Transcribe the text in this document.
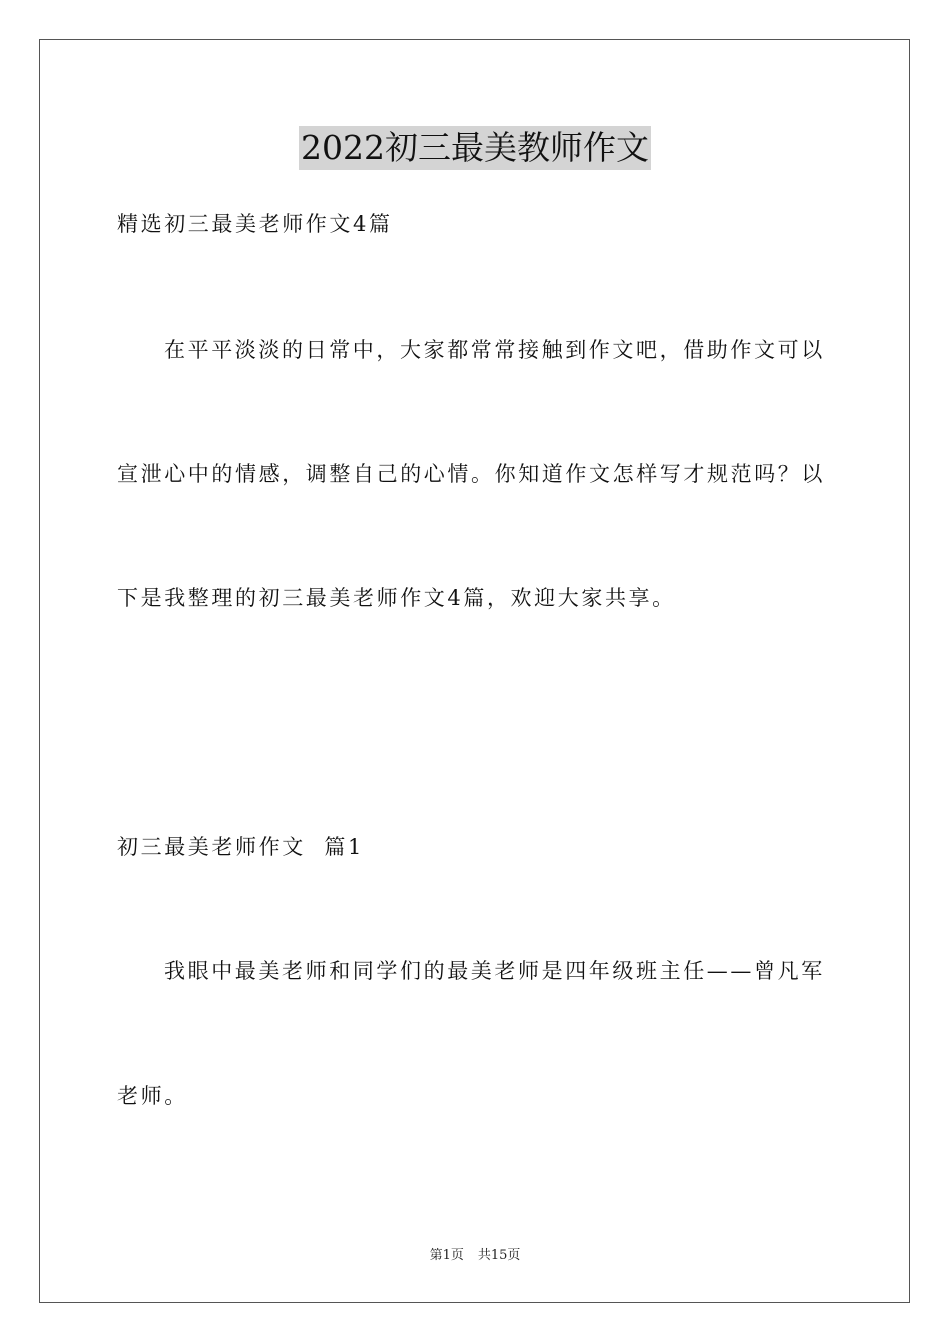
2022初三最美教师作文
精选初三最美老师作文4篇
在平平淡淡的日常中，大家都常常接触到作文吧，借助作文可以
宣泄心中的情感，调整自己的心情。你知道作文怎样写才规范吗？以
下是我整理的初三最美老师作文4篇，欢迎大家共享。
初三最美老师作文  篇1
我眼中最美老师和同学们的最美老师是四年级班主任——曾凡军
老师。
第1页 共15页
